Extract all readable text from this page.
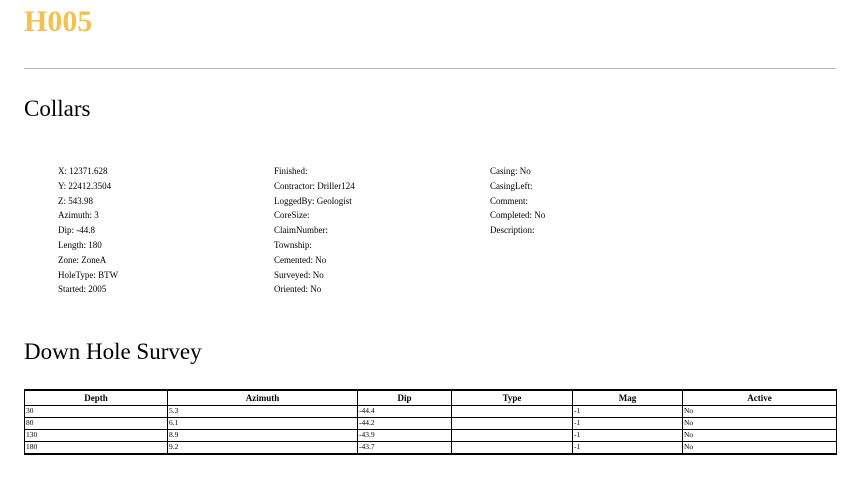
H005
Collars
X: 12371.628
Y: 22412.3504
Z: 543.98
Azimuth: 3
Dip: -44.8
Length: 180
Zone: ZoneA
HoleType: BTW
Started: 2005
Finished:
Contractor: Driller124
LoggedBy: Geologist
CoreSize:
ClaimNumber:
Township:
Cemented: No
Surveyed: No
Oriented: No
Casing: No
CasingLeft:
Comment:
Completed: No
Description:
Down Hole Survey
Depth	Azimuth	Dip	Type	Mag	Active
30	5.3	-44.4		-1	No
80	6.1	-44.2		-1	No
130	8.9	-43.9		-1	No
180	9.2	-43.7		-1	No
